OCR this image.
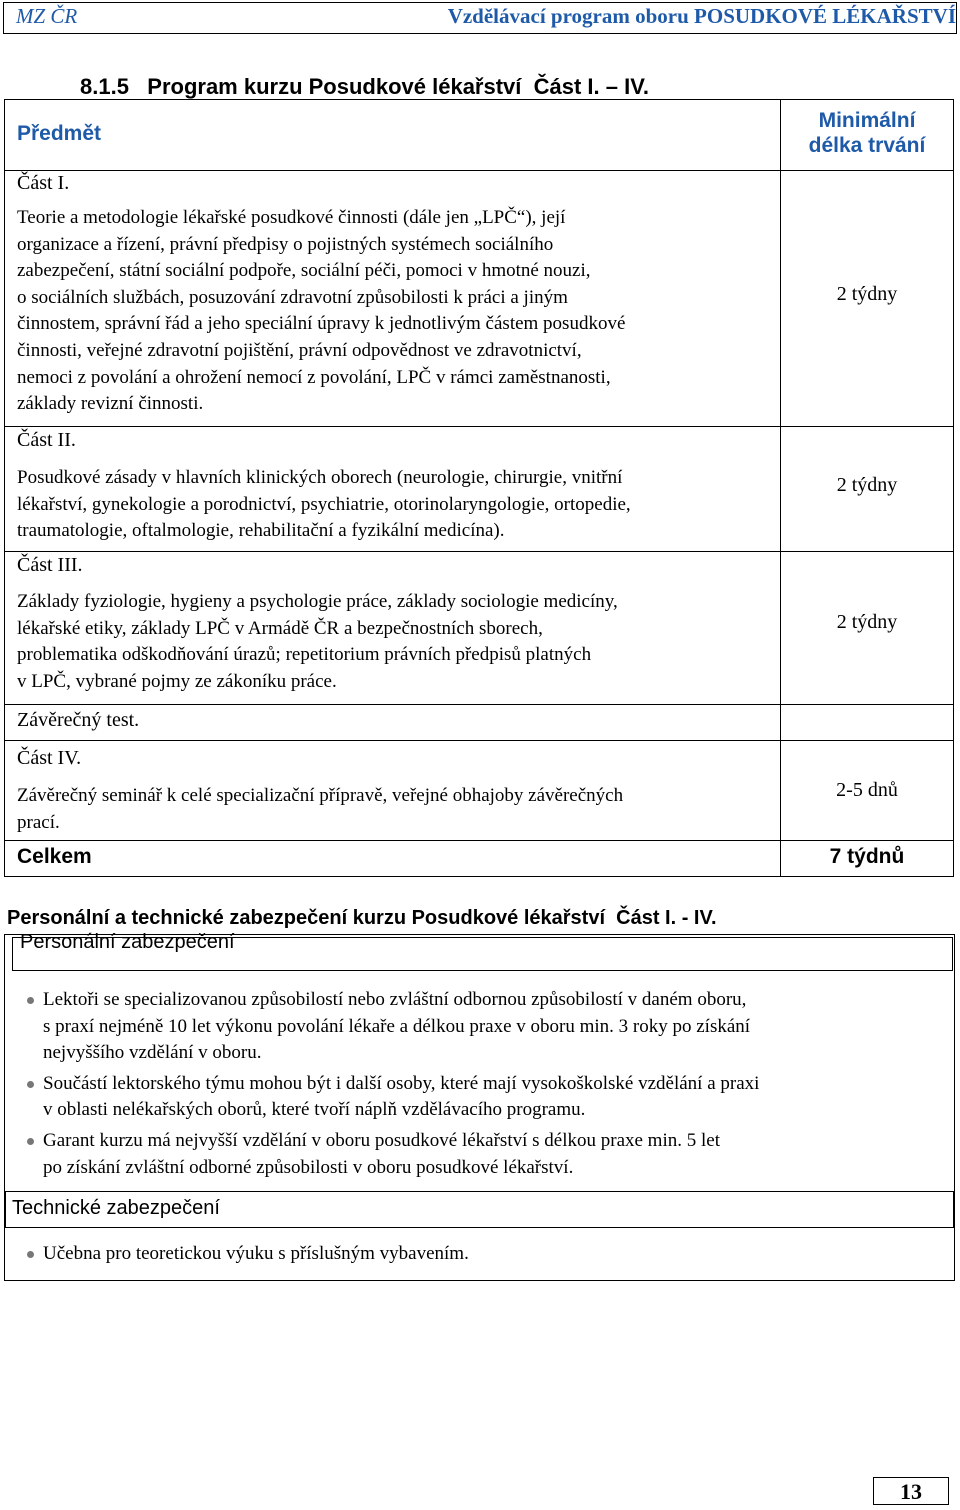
MZ ČR	Vzdělávací program oboru POSUDKOVÉ LÉKAŘSTVÍ
8.1.5   Program kurzu Posudkové lékařství  Část I. – IV.
Předmět
Minimální
délka trvání
Část I.
Teorie a metodologie lékařské posudkové činnosti (dále jen „LPČ“), její
organizace a řízení, právní předpisy o pojistných systémech sociálního
zabezpečení, státní sociální podpoře, sociální péči, pomoci v hmotné nouzi,
o sociálních službách, posuzování zdravotní způsobilosti k práci a jiným
činnostem, správní řád a jeho speciální úpravy k jednotlivým částem posudkové
činnosti, veřejné zdravotní pojištění, právní odpovědnost ve zdravotnictví,
nemoci z povolání a ohrožení nemocí z povolání, LPČ v rámci zaměstnanosti,
základy revizní činnosti.
2 týdny
Část II.
Posudkové zásady v hlavních klinických oborech (neurologie, chirurgie, vnitřní
lékařství, gynekologie a porodnictví, psychiatrie, otorinolaryngologie, ortopedie,
traumatologie, oftalmologie, rehabilitační a fyzikální medicína).
2 týdny
Část III.
Základy fyziologie, hygieny a psychologie práce, základy sociologie medicíny,
lékařské etiky, základy LPČ v Armádě ČR a bezpečnostních sborech,
problematika odškodňování úrazů; repetitorium právních předpisů platných
v LPČ, vybrané pojmy ze zákoníku práce.
2 týdny
Závěrečný test.
Část IV.
Závěrečný seminář k celé specializační přípravě, veřejné obhajoby závěrečných
prací.
2-5 dnů
Celkem	7 týdnů
Personální a technické zabezpečení kurzu Posudkové lékařství  Část I. - IV.
Personální zabezpečení
Lektoři se specializovanou způsobilostí nebo zvláštní odbornou způsobilostí v daném oboru,
s praxí nejméně 10 let výkonu povolání lékaře a délkou praxe v oboru min. 3 roky po získání
nejvyššího vzdělání v oboru.
Součástí lektorského týmu mohou být i další osoby, které mají vysokoškolské vzdělání a praxi
v oblasti nelékařských oborů, které tvoří náplň vzdělávacího programu.
Garant kurzu má nejvyšší vzdělání v oboru posudkové lékařství s délkou praxe min. 5 let
po získání zvláštní odborné způsobilosti v oboru posudkové lékařství.
Technické zabezpečení
Učebna pro teoretickou výuku s příslušným vybavením.
13
